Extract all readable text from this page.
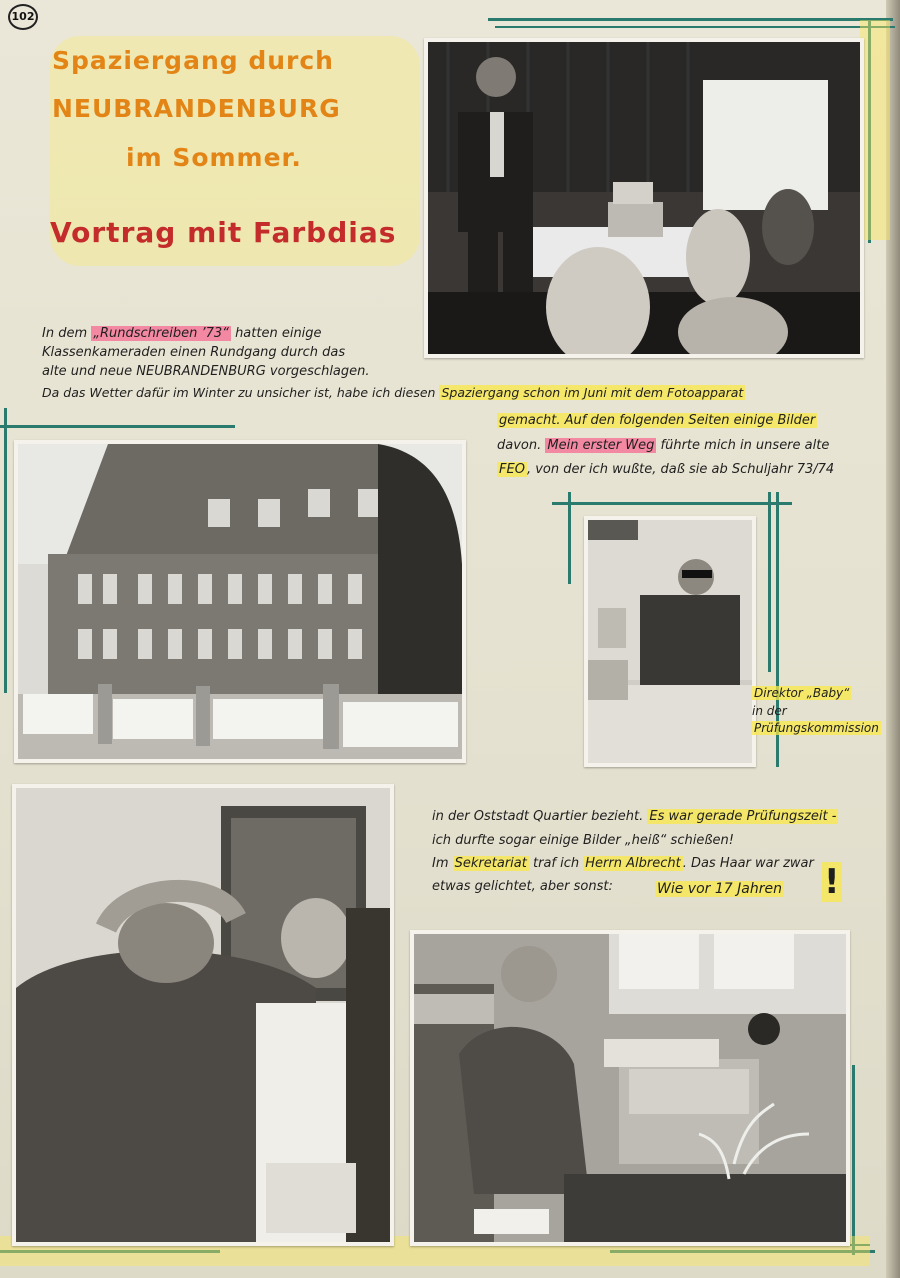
102
Spaziergang durch
NEUBRANDENBURG
im Sommer.
Vortrag mit Farbdias
In dem „Rundschreiben ’73“ hatten einige
Klassenkameraden einen Rundgang durch das
alte und neue NEUBRANDENBURG vorgeschlagen.
Da das Wetter dafür im Winter zu unsicher ist, habe ich diesen Spaziergang schon im Juni mit dem Fotoapparat
gemacht. Auf den folgenden Seiten einige Bilder
davon. Mein erster Weg führte mich in unsere alte
FEO , von der ich wußte, daß sie ab Schuljahr 73/74
Direktor „Baby“
in der
Prüfungskommission
in der Oststadt Quartier bezieht. Es war gerade Prüfungszeit -
ich durfte sogar einige Bilder „heiß“ schießen!
Im Sekretariat traf ich Herrn Albrecht . Das Haar war zwar
etwas gelichtet, aber sonst:	Wie vor 17 Jahren !
